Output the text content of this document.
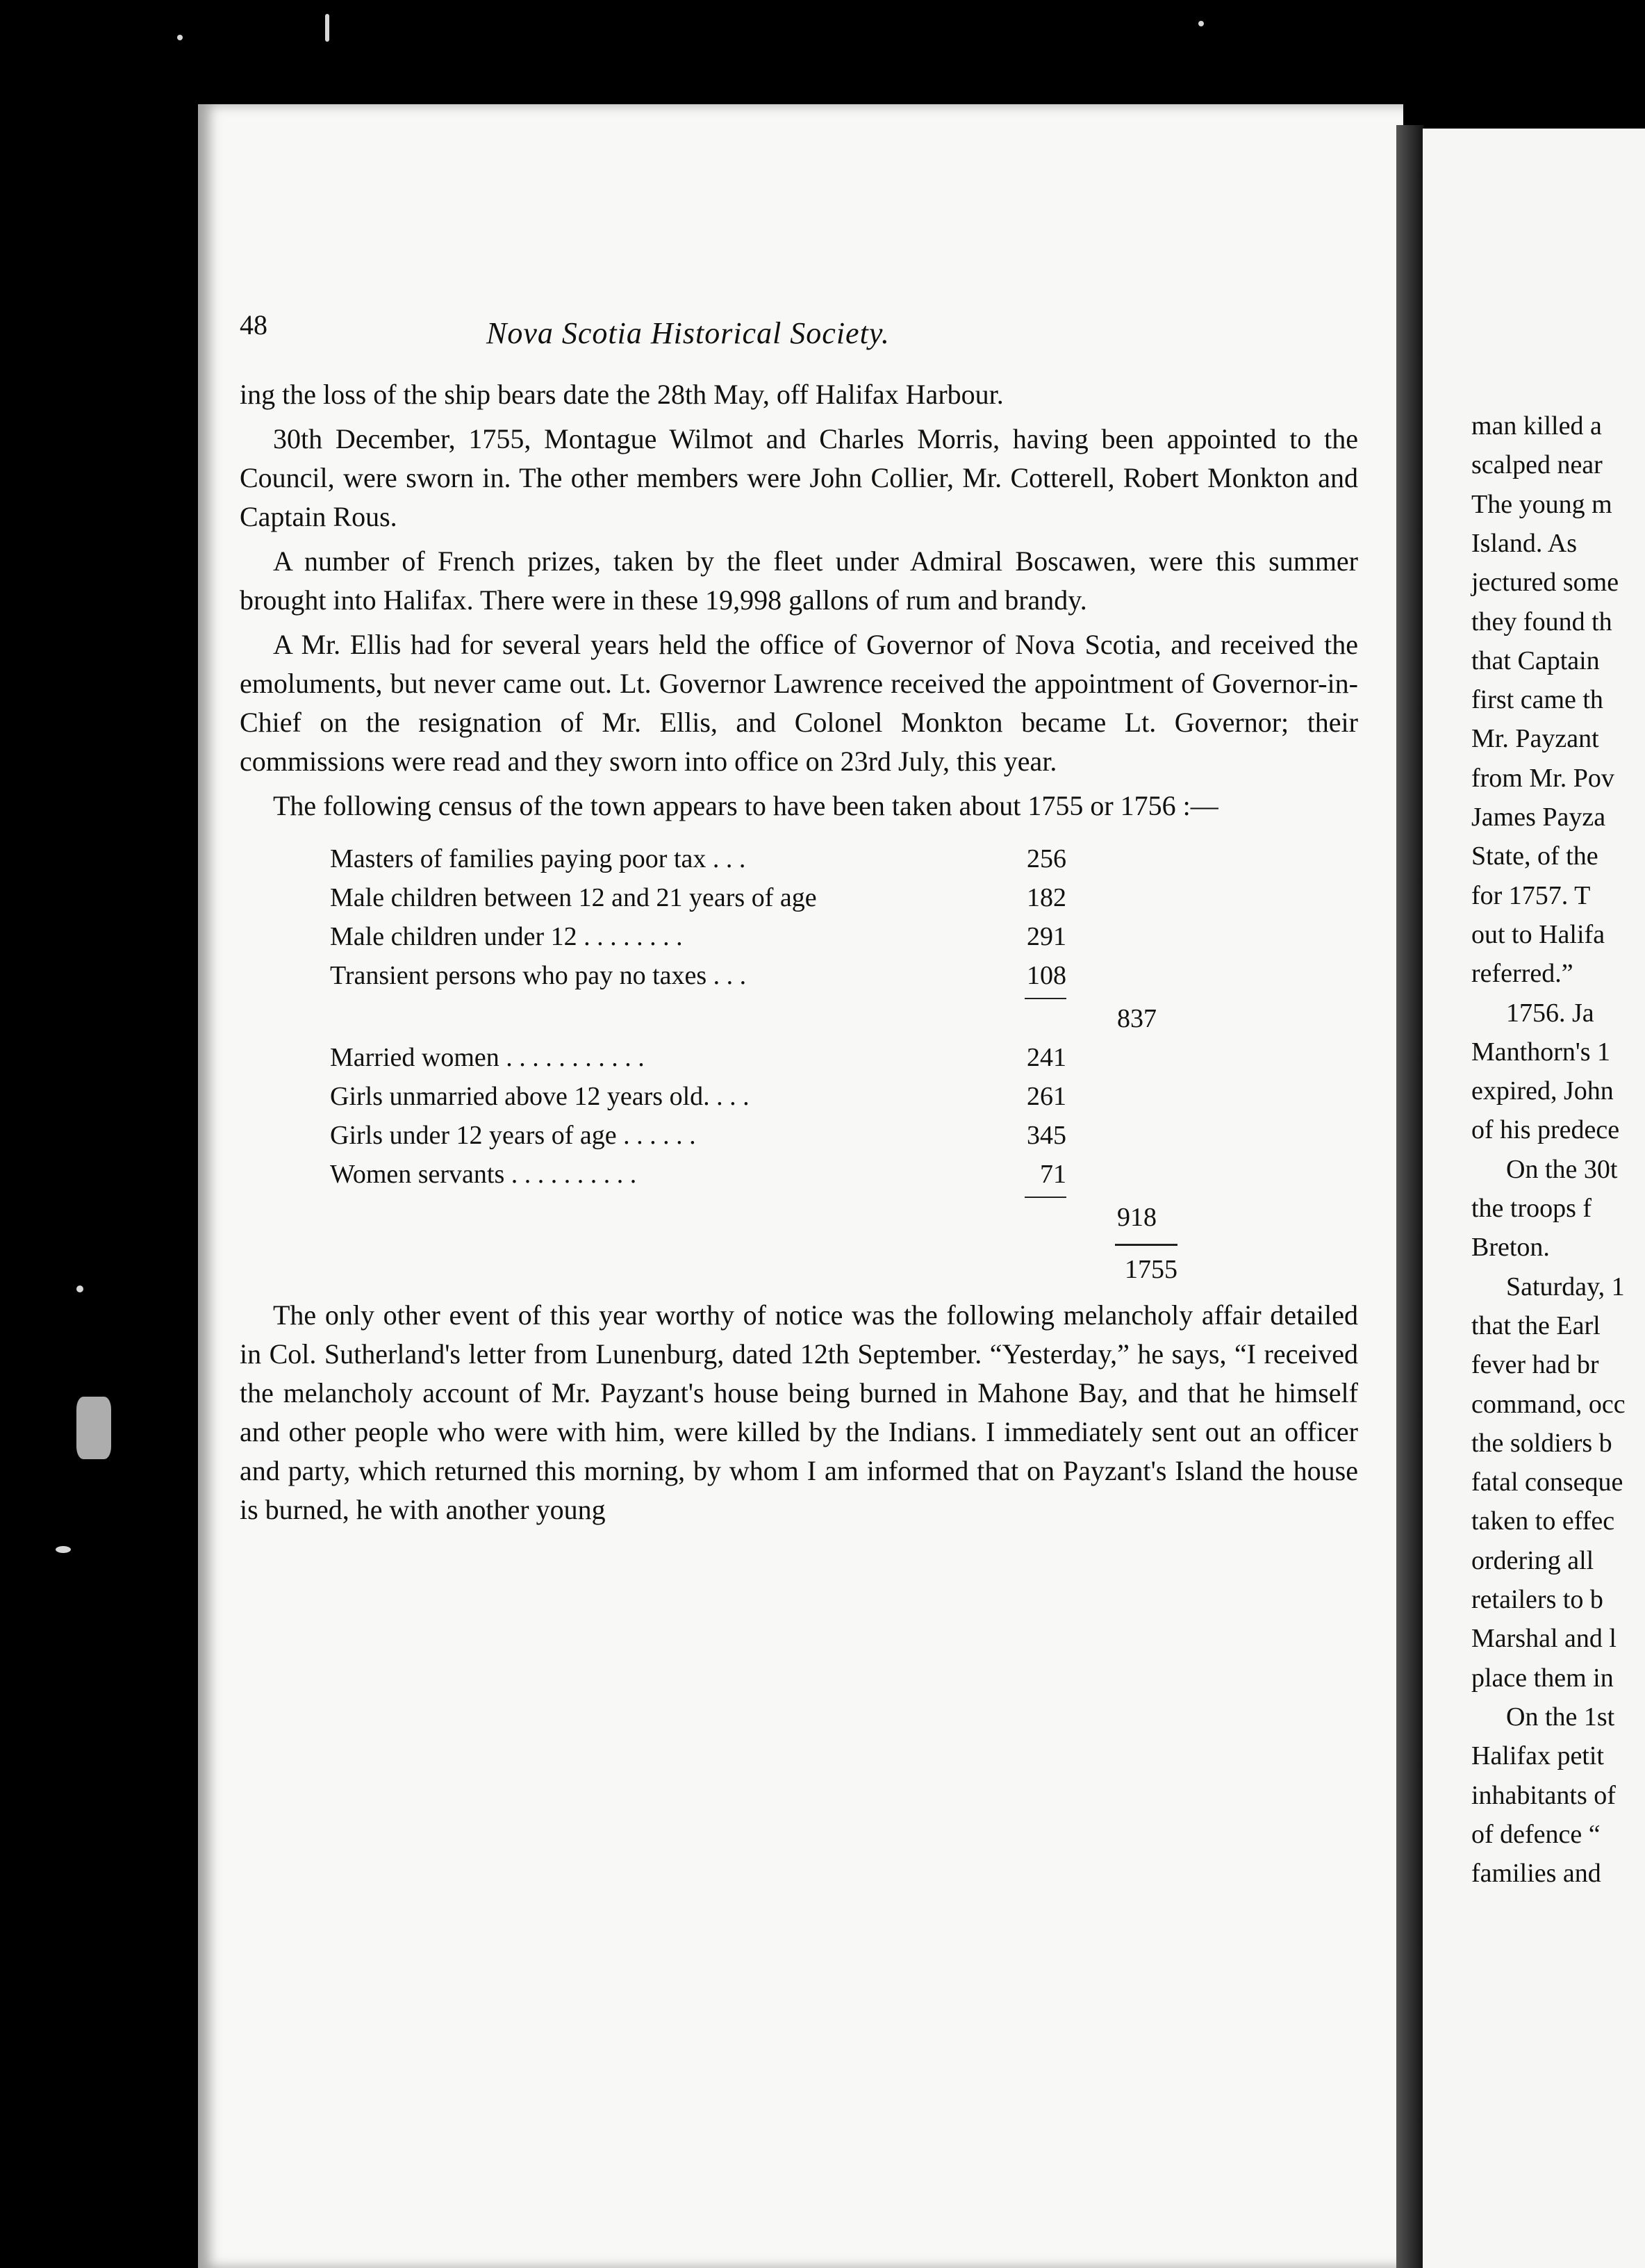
man killed a
scalped near
The young m
Island. As
jectured some
they found th
that Captain
first came th
Mr. Payzant
from Mr. Pov
James Payza
State, of the
for 1757. T
out to Halifa
referred.”
1756. Ja
Manthorn's 1
expired, John
of his predece
On the 30t
the troops f
Breton.
Saturday, 1
that the Earl
fever had br
command, occ
the soldiers b
fatal conseque
taken to effec
ordering all
retailers to b
Marshal and l
place them in
On the 1st
Halifax petit
inhabitants of
of defence “
families and
48	Nova Scotia Historical Society.

ing the loss of the ship bears date the 28th May, off Halifax Harbour.

30th December, 1755, Montague Wilmot and Charles Morris, having been appointed to the Council, were sworn in. The other members were John Collier, Mr. Cotterell, Robert Monkton and Captain Rous.

A number of French prizes, taken by the fleet under Admiral Boscawen, were this summer brought into Halifax. There were in these 19,998 gallons of rum and brandy.

A Mr. Ellis had for several years held the office of Governor of Nova Scotia, and received the emoluments, but never came out. Lt. Governor Lawrence received the appointment of Governor-in-Chief on the resignation of Mr. Ellis, and Colonel Monkton became Lt. Governor; their commissions were read and they sworn into office on 23rd July, this year.

The following census of the town appears to have been taken about 1755 or 1756 :—

Masters of families paying poor tax . . .	256
Male children between 12 and 21 years of age	182
Male children under 12 . . . . . . . .	291
Transient persons who pay no taxes . . .	108
837
Married women . . . . . . . . . . .	241
Girls unmarried above 12 years old. . . .	261
Girls under 12 years of age . . . . . .	345
Women servants . . . . . . . . . .	71
918
1755

The only other event of this year worthy of notice was the following melancholy affair detailed in Col. Sutherland's letter from Lunenburg, dated 12th September. “Yesterday,” he says, “I received the melancholy account of Mr. Payzant's house being burned in Mahone Bay, and that he himself and other people who were with him, were killed by the Indians. I immediately sent out an officer and party, which returned this morning, by whom I am informed that on Payzant's Island the house is burned, he with another young
